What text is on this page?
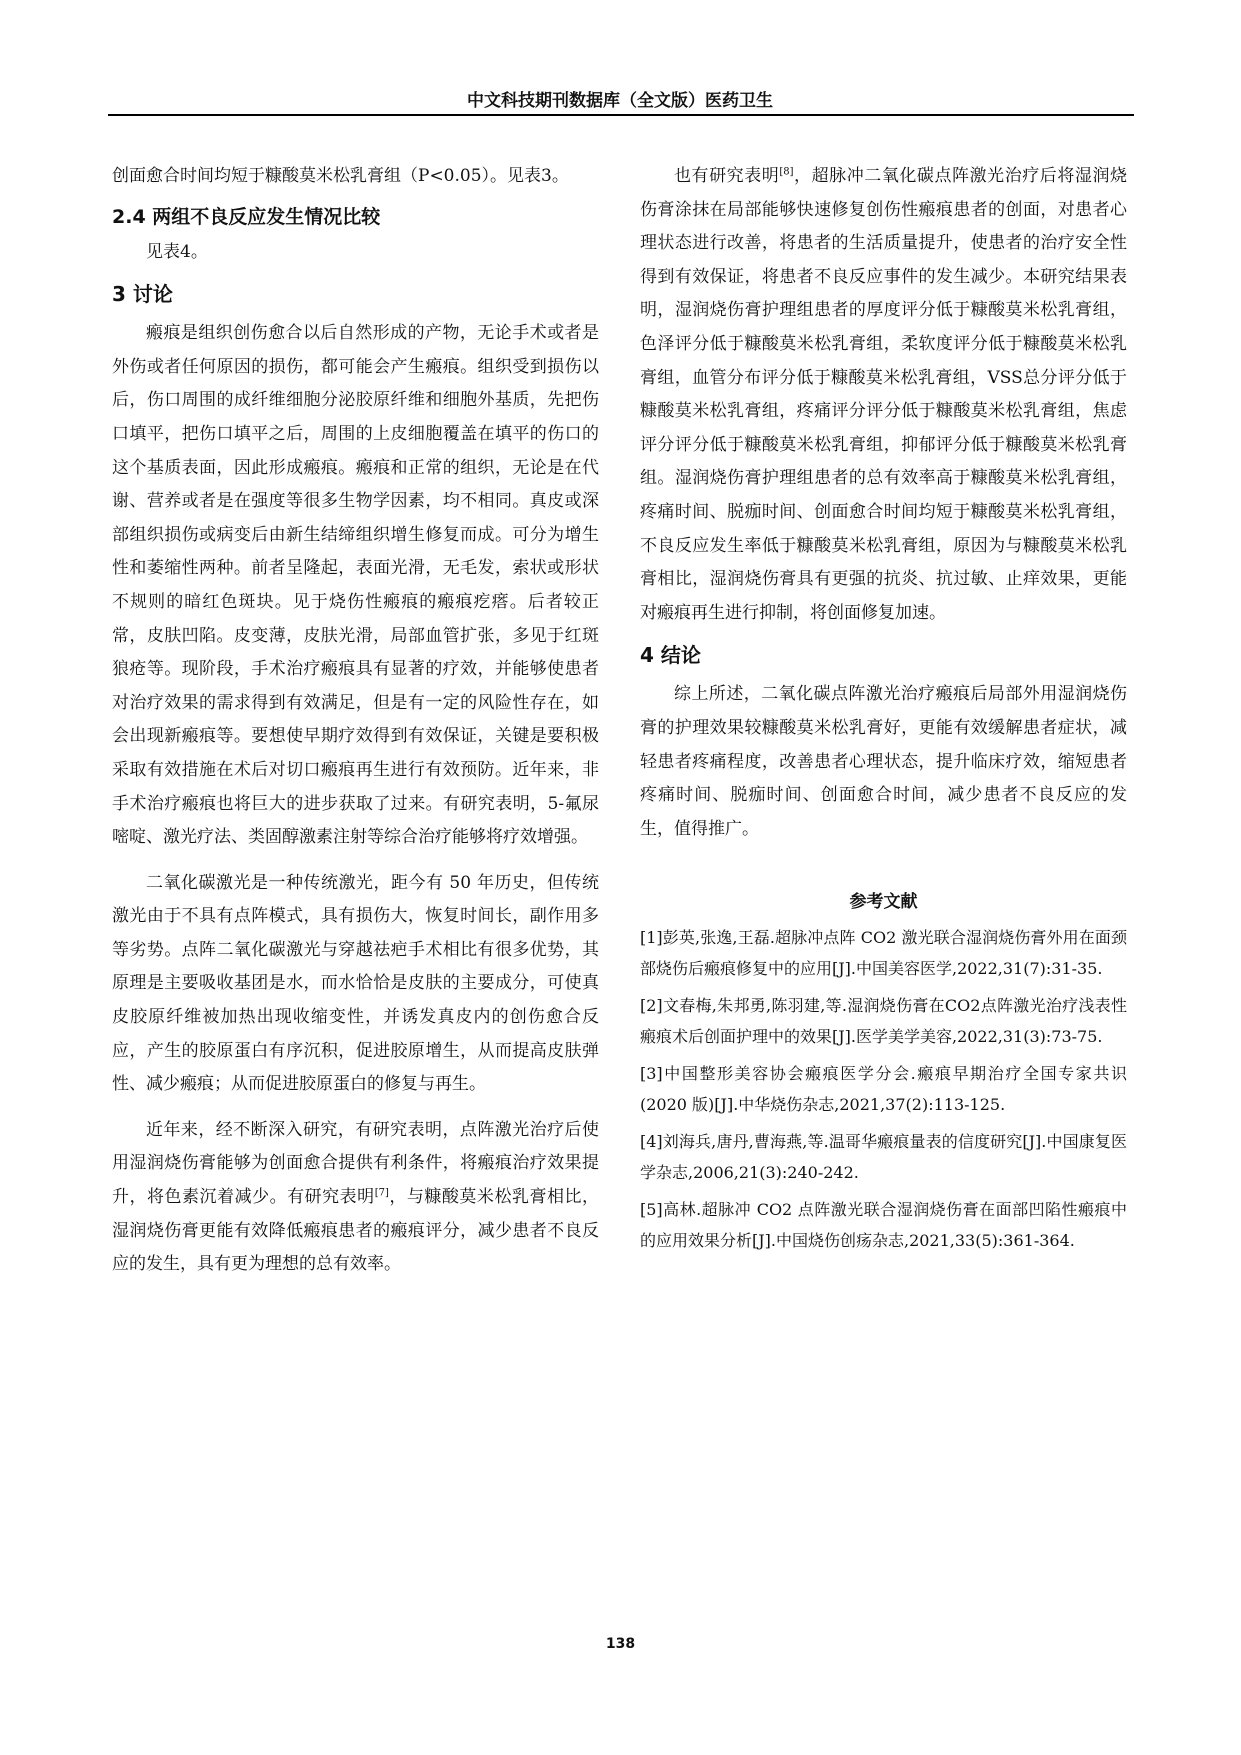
中文科技期刊数据库（全文版）医药卫生

创面愈合时间均短于糠酸莫米松乳膏组（P<0.05）。见表3。

2.4 两组不良反应发生情况比较

见表4。

3 讨论

瘢痕是组织创伤愈合以后自然形成的产物，无论手术或者是外伤或者任何原因的损伤，都可能会产生瘢痕。组织受到损伤以后，伤口周围的成纤维细胞分泌胶原纤维和细胞外基质，先把伤口填平，把伤口填平之后，周围的上皮细胞覆盖在填平的伤口的这个基质表面，因此形成瘢痕。瘢痕和正常的组织，无论是在代谢、营养或者是在强度等很多生物学因素，均不相同。真皮或深部组织损伤或病变后由新生结缔组织增生修复而成。可分为增生性和萎缩性两种。前者呈隆起，表面光滑，无毛发，索状或形状不规则的暗红色斑块。见于烧伤性瘢痕的瘢痕疙瘩。后者较正常，皮肤凹陷。皮变薄，皮肤光滑，局部血管扩张，多见于红斑狼疮等。现阶段，手术治疗瘢痕具有显著的疗效，并能够使患者对治疗效果的需求得到有效满足，但是有一定的风险性存在，如会出现新瘢痕等。要想使早期疗效得到有效保证，关键是要积极采取有效措施在术后对切口瘢痕再生进行有效预防。近年来，非手术治疗瘢痕也将巨大的进步获取了过来。有研究表明，5-氟尿嘧啶、激光疗法、类固醇激素注射等综合治疗能够将疗效增强。

二氧化碳激光是一种传统激光，距今有 50 年历史，但传统激光由于不具有点阵模式，具有损伤大，恢复时间长，副作用多等劣势。点阵二氧化碳激光与穿越祛疤手术相比有很多优势，其原理是主要吸收基团是水，而水恰恰是皮肤的主要成分，可使真皮胶原纤维被加热出现收缩变性，并诱发真皮内的创伤愈合反应，产生的胶原蛋白有序沉积，促进胶原增生，从而提高皮肤弹性、减少瘢痕；从而促进胶原蛋白的修复与再生。

近年来，经不断深入研究，有研究表明，点阵激光治疗后使用湿润烧伤膏能够为创面愈合提供有利条件，将瘢痕治疗效果提升，将色素沉着减少。有研究表明[7]，与糠酸莫米松乳膏相比，湿润烧伤膏更能有效降低瘢痕患者的瘢痕评分，减少患者不良反应的发生，具有更为理想的总有效率。

也有研究表明[8]，超脉冲二氧化碳点阵激光治疗后将湿润烧伤膏涂抹在局部能够快速修复创伤性瘢痕患者的创面，对患者心理状态进行改善，将患者的生活质量提升，使患者的治疗安全性得到有效保证，将患者不良反应事件的发生减少。本研究结果表明，湿润烧伤膏护理组患者的厚度评分低于糠酸莫米松乳膏组，色泽评分低于糠酸莫米松乳膏组，柔软度评分低于糠酸莫米松乳膏组，血管分布评分低于糠酸莫米松乳膏组，VSS总分评分低于糠酸莫米松乳膏组，疼痛评分评分低于糠酸莫米松乳膏组，焦虑评分评分低于糠酸莫米松乳膏组，抑郁评分低于糠酸莫米松乳膏组。湿润烧伤膏护理组患者的总有效率高于糠酸莫米松乳膏组，疼痛时间、脱痂时间、创面愈合时间均短于糠酸莫米松乳膏组，不良反应发生率低于糠酸莫米松乳膏组，原因为与糠酸莫米松乳膏相比，湿润烧伤膏具有更强的抗炎、抗过敏、止痒效果，更能对瘢痕再生进行抑制，将创面修复加速。

4 结论

综上所述，二氧化碳点阵激光治疗瘢痕后局部外用湿润烧伤膏的护理效果较糠酸莫米松乳膏好，更能有效缓解患者症状，减轻患者疼痛程度，改善患者心理状态，提升临床疗效，缩短患者疼痛时间、脱痂时间、创面愈合时间，减少患者不良反应的发生，值得推广。

参考文献

[1]彭英,张逸,王磊.超脉冲点阵 CO2 激光联合湿润烧伤膏外用在面颈部烧伤后瘢痕修复中的应用[J].中国美容医学,2022,31(7):31-35.

[2]文春梅,朱邦勇,陈羽建,等.湿润烧伤膏在CO2点阵激光治疗浅表性瘢痕术后创面护理中的效果[J].医学美学美容,2022,31(3):73-75.

[3]中国整形美容协会瘢痕医学分会.瘢痕早期治疗全国专家共识(2020 版)[J].中华烧伤杂志,2021,37(2):113-125.

[4]刘海兵,唐丹,曹海燕,等.温哥华瘢痕量表的信度研究[J].中国康复医学杂志,2006,21(3):240-242.

[5]高林.超脉冲 CO2 点阵激光联合湿润烧伤膏在面部凹陷性瘢痕中的应用效果分析[J].中国烧伤创疡杂志,2021,33(5):361-364.

138
